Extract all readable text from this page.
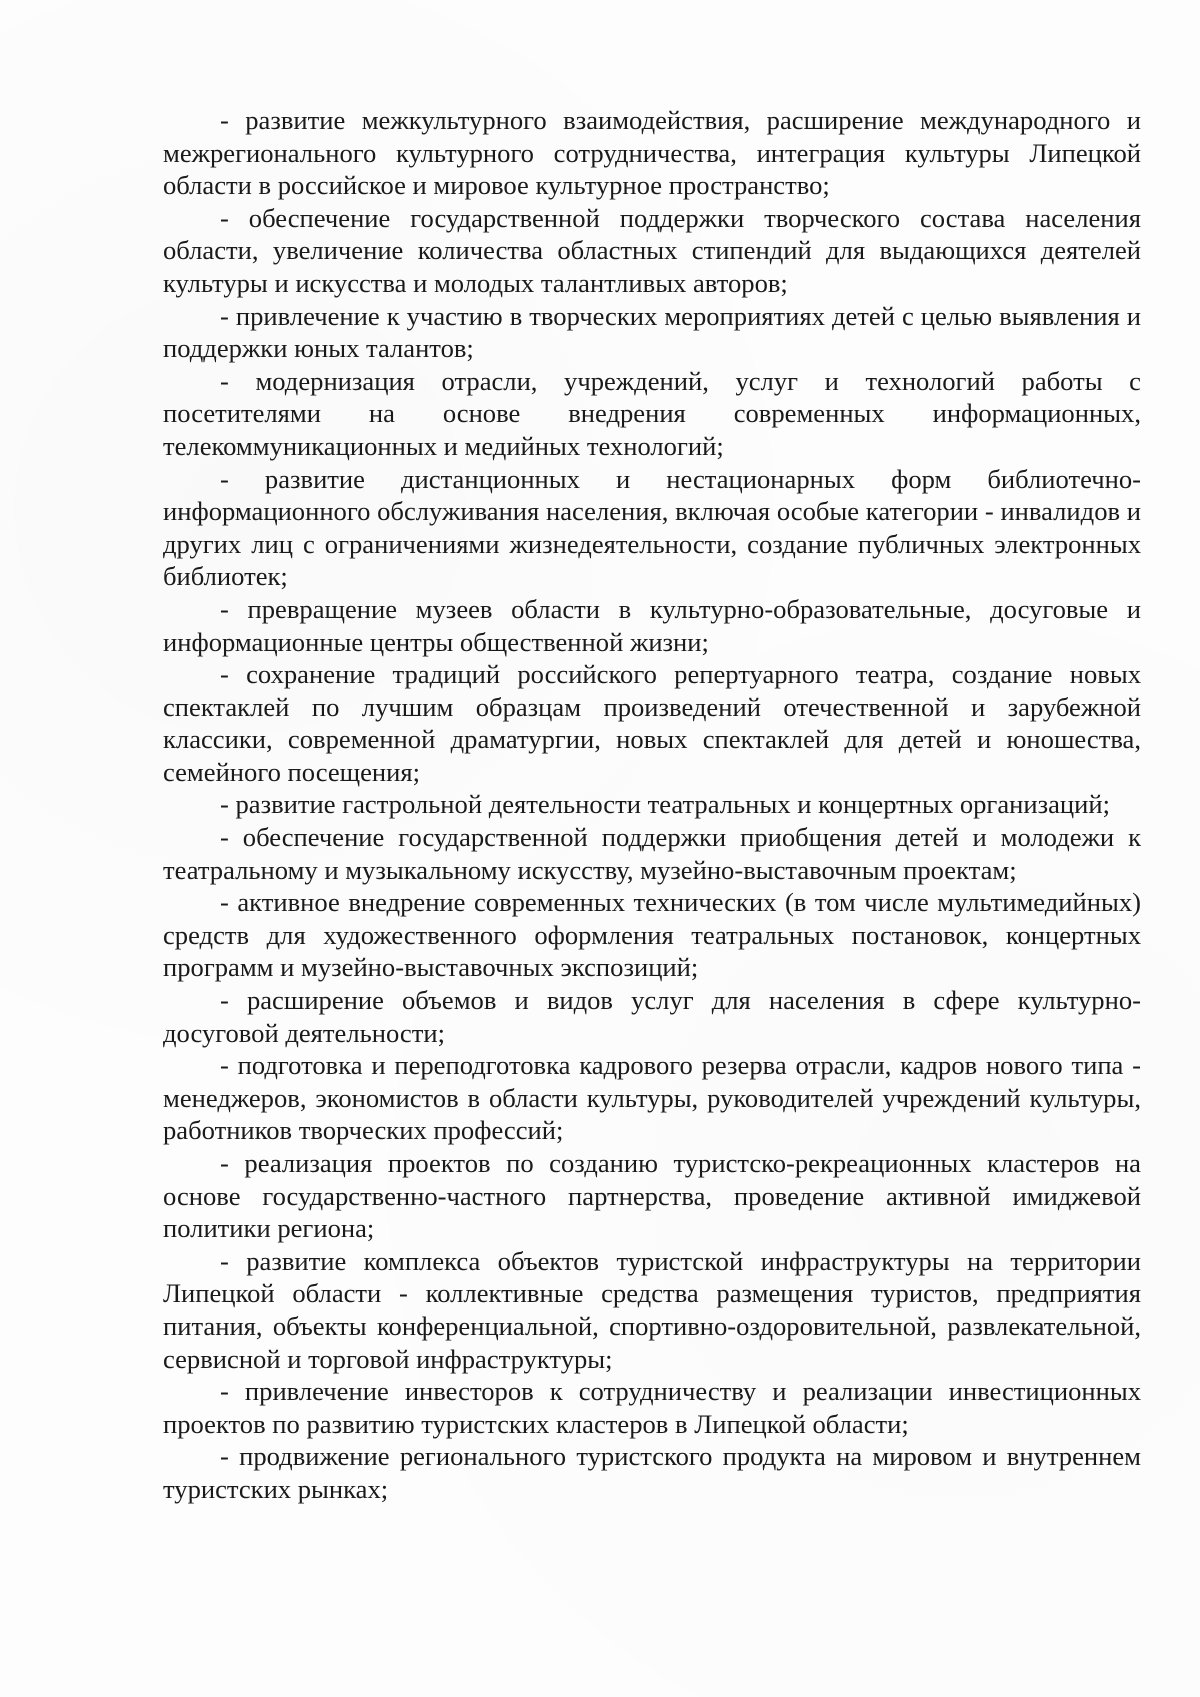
- развитие межкультурного взаимодействия, расширение международного и межрегионального культурного сотрудничества, интеграция культуры Липецкой области в российское и мировое культурное пространство;

- обеспечение государственной поддержки творческого состава населения области, увеличение количества областных стипендий для выдающихся деятелей культуры и искусства и молодых талантливых авторов;

- привлечение к участию в творческих мероприятиях детей с целью выявления и поддержки юных талантов;

- модернизация отрасли, учреждений, услуг и технологий работы с посетителями на основе внедрения современных информационных, телекоммуникационных и медийных технологий;

- развитие дистанционных и нестационарных форм библиотечно-информационного обслуживания населения, включая особые категории - инвалидов и других лиц с ограничениями жизнедеятельности, создание публичных электронных библиотек;

- превращение музеев области в культурно-образовательные, досуговые и информационные центры общественной жизни;

- сохранение традиций российского репертуарного театра, создание новых спектаклей по лучшим образцам произведений отечественной и зарубежной классики, современной драматургии, новых спектаклей для детей и юношества, семейного посещения;

- развитие гастрольной деятельности театральных и концертных организаций;

- обеспечение государственной поддержки приобщения детей и молодежи к театральному и музыкальному искусству, музейно-выставочным проектам;

- активное внедрение современных технических (в том числе мультимедийных) средств для художественного оформления театральных постановок, концертных программ и музейно-выставочных экспозиций;

- расширение объемов и видов услуг для населения в сфере культурно-досуговой деятельности;

- подготовка и переподготовка кадрового резерва отрасли, кадров нового типа - менеджеров, экономистов в области культуры, руководителей учреждений культуры, работников творческих профессий;

- реализация проектов по созданию туристско-рекреационных кластеров на основе государственно-частного партнерства, проведение активной имиджевой политики региона;

- развитие комплекса объектов туристской инфраструктуры на территории Липецкой области - коллективные средства размещения туристов, предприятия питания, объекты конференциальной, спортивно-оздоровительной, развлекательной, сервисной и торговой инфраструктуры;

- привлечение инвесторов к сотрудничеству и реализации инвестиционных проектов по развитию туристских кластеров в Липецкой области;

- продвижение регионального туристского продукта на мировом и внутреннем туристских рынках;
